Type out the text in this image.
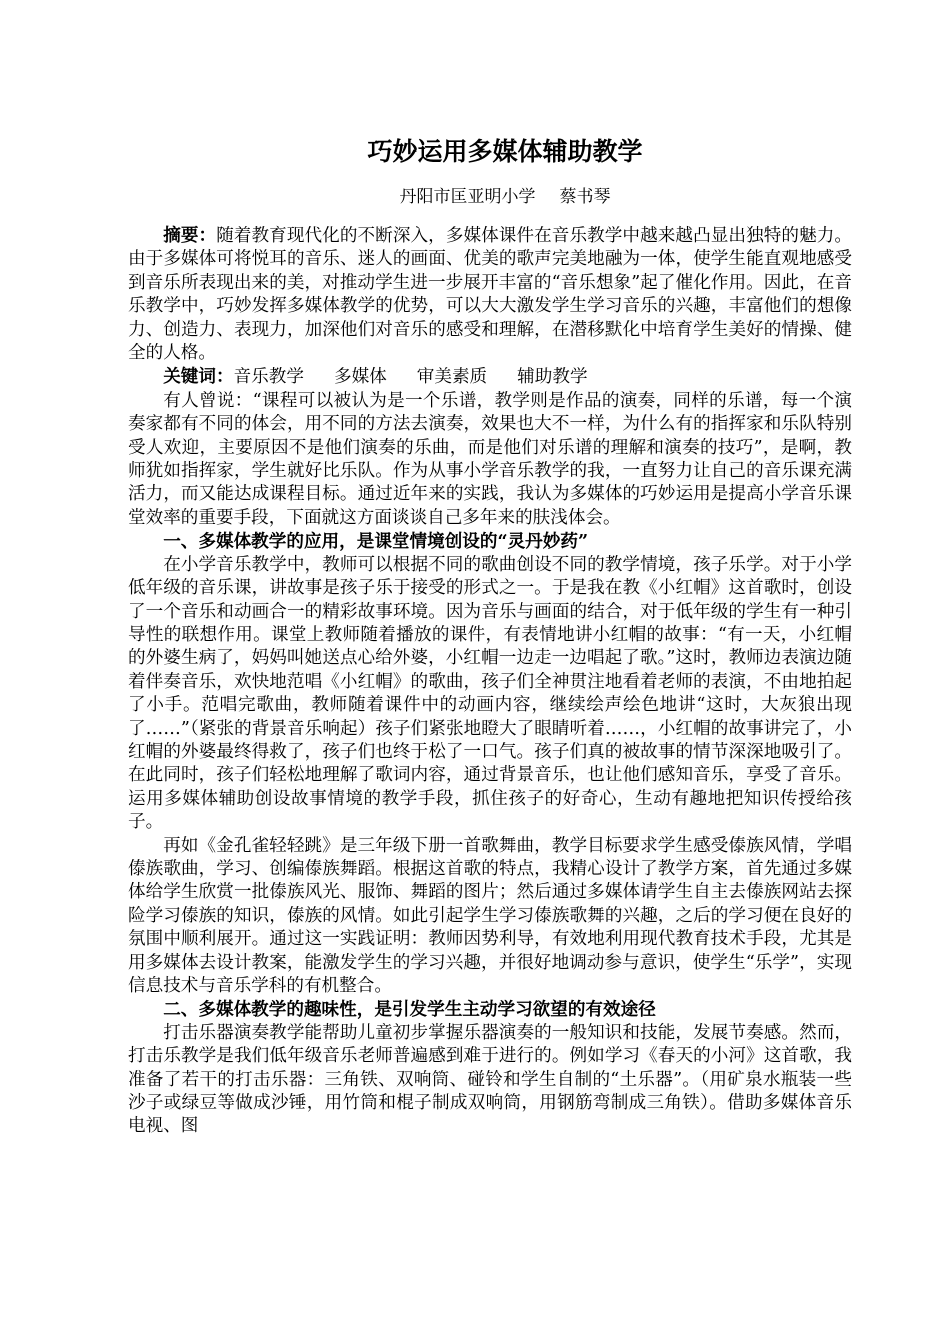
巧妙运用多媒体辅助教学
丹阳市匡亚明小学 蔡书琴

摘要：随着教育现代化的不断深入，多媒体课件在音乐教学中越来越凸显出独特的魅力。由于多媒体可将悦耳的音乐、迷人的画面、优美的歌声完美地融为一体，使学生能直观地感受到音乐所表现出来的美，对推动学生进一步展开丰富的“音乐想象”起了催化作用。因此，在音乐教学中，巧妙发挥多媒体教学的优势，可以大大激发学生学习音乐的兴趣，丰富他们的想像力、创造力、表现力，加深他们对音乐的感受和理解，在潜移默化中培育学生美好的情操、健全的人格。

关键词：音乐教学 多媒体 审美素质 辅助教学

有人曾说：“课程可以被认为是一个乐谱，教学则是作品的演奏，同样的乐谱，每一个演奏家都有不同的体会，用不同的方法去演奏，效果也大不一样，为什么有的指挥家和乐队特别受人欢迎，主要原因不是他们演奏的乐曲，而是他们对乐谱的理解和演奏的技巧”，是啊，教师犹如指挥家，学生就好比乐队。作为从事小学音乐教学的我，一直努力让自己的音乐课充满活力，而又能达成课程目标。通过近年来的实践，我认为多媒体的巧妙运用是提高小学音乐课堂效率的重要手段，下面就这方面谈谈自己多年来的肤浅体会。

一、多媒体教学的应用，是课堂情境创设的“灵丹妙药”

在小学音乐教学中，教师可以根据不同的歌曲创设不同的教学情境，孩子乐学。对于小学低年级的音乐课，讲故事是孩子乐于接受的形式之一。于是我在教《小红帽》这首歌时，创设了一个音乐和动画合一的精彩故事环境。因为音乐与画面的结合，对于低年级的学生有一种引导性的联想作用。课堂上教师随着播放的课件，有表情地讲小红帽的故事：“有一天，小红帽的外婆生病了，妈妈叫她送点心给外婆，小红帽一边走一边唱起了歌。”这时，教师边表演边随着伴奏音乐，欢快地范唱《小红帽》的歌曲，孩子们全神贯注地看着老师的表演，不由地拍起了小手。范唱完歌曲，教师随着课件中的动画内容，继续绘声绘色地讲“这时，大灰狼出现了……”（紧张的背景音乐响起）孩子们紧张地瞪大了眼睛听着……，小红帽的故事讲完了，小红帽的外婆最终得救了，孩子们也终于松了一口气。孩子们真的被故事的情节深深地吸引了。在此同时，孩子们轻松地理解了歌词内容，通过背景音乐，也让他们感知音乐，享受了音乐。运用多媒体辅助创设故事情境的教学手段，抓住孩子的好奇心，生动有趣地把知识传授给孩子。

再如《金孔雀轻轻跳》是三年级下册一首歌舞曲，教学目标要求学生感受傣族风情，学唱傣族歌曲，学习、创编傣族舞蹈。根据这首歌的特点，我精心设计了教学方案，首先通过多媒体给学生欣赏一批傣族风光、服饰、舞蹈的图片；然后通过多媒体请学生自主去傣族网站去探险学习傣族的知识，傣族的风情。如此引起学生学习傣族歌舞的兴趣，之后的学习便在良好的氛围中顺利展开。通过这一实践证明：教师因势利导，有效地利用现代教育技术手段，尤其是用多媒体去设计教案，能激发学生的学习兴趣，并很好地调动参与意识，使学生“乐学”，实现信息技术与音乐学科的有机整合。

二、多媒体教学的趣味性，是引发学生主动学习欲望的有效途径

打击乐器演奏教学能帮助儿童初步掌握乐器演奏的一般知识和技能，发展节奏感。然而，打击乐教学是我们低年级音乐老师普遍感到难于进行的。例如学习《春天的小河》这首歌，我准备了若干的打击乐器：三角铁、双响筒、碰铃和学生自制的“土乐器”。（用矿泉水瓶装一些沙子或绿豆等做成沙锤，用竹筒和棍子制成双响筒，用钢筋弯制成三角铁）。借助多媒体音乐电视、图
